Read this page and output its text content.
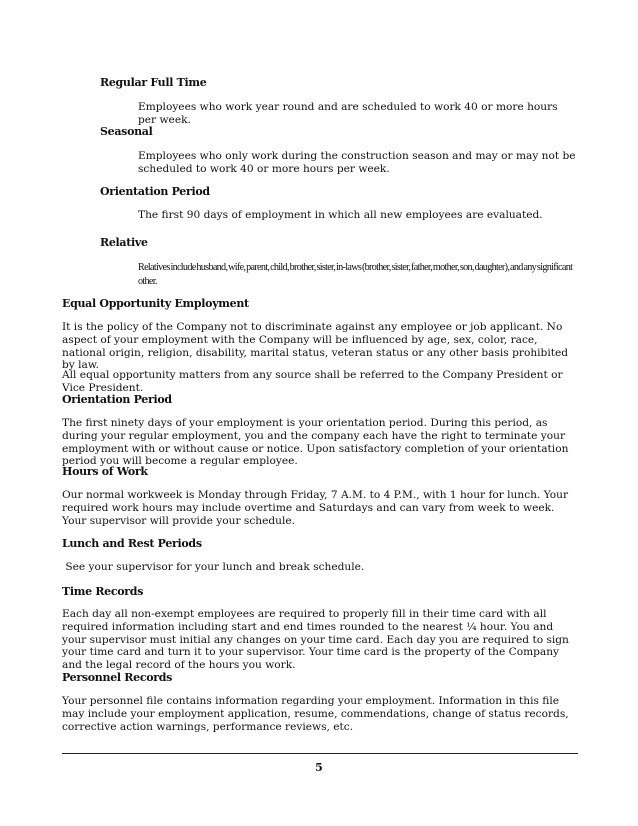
Regular Full Time
Employees who work year round and are scheduled to work 40 or more hours per week.
Seasonal
Employees who only work during the construction season and may or may not be scheduled to work 40 or more hours per week.
Orientation Period
The first 90 days of employment in which all new employees are evaluated.
Relative
Relatives include husband, wife, parent, child, brother, sister, in-laws (brother, sister, father, mother, son, daughter), and any significant other.
Equal Opportunity Employment
It is the policy of the Company not to discriminate against any employee or job applicant. No aspect of your employment with the Company will be influenced by age, sex, color, race, national origin, religion, disability, marital status, veteran status or any other basis prohibited by law.
All equal opportunity matters from any source shall be referred to the Company President or Vice President.
Orientation Period
The first ninety days of your employment is your orientation period. During this period, as during your regular employment, you and the company each have the right to terminate your employment with or without cause or notice. Upon satisfactory completion of your orientation period you will become a regular employee.
Hours of Work
Our normal workweek is Monday through Friday, 7 A.M. to 4 P.M., with 1 hour for lunch. Your required work hours may include overtime and Saturdays and can vary from week to week. Your supervisor will provide your schedule.
Lunch and Rest Periods
See your supervisor for your lunch and break schedule.
Time Records
Each day all non-exempt employees are required to properly fill in their time card with all required information including start and end times rounded to the nearest ¼ hour. You and your supervisor must initial any changes on your time card. Each day you are required to sign your time card and turn it to your supervisor. Your time card is the property of the Company and the legal record of the hours you work.
Personnel Records
Your personnel file contains information regarding your employment. Information in this file may include your employment application, resume, commendations, change of status records, corrective action warnings, performance reviews, etc.
5
